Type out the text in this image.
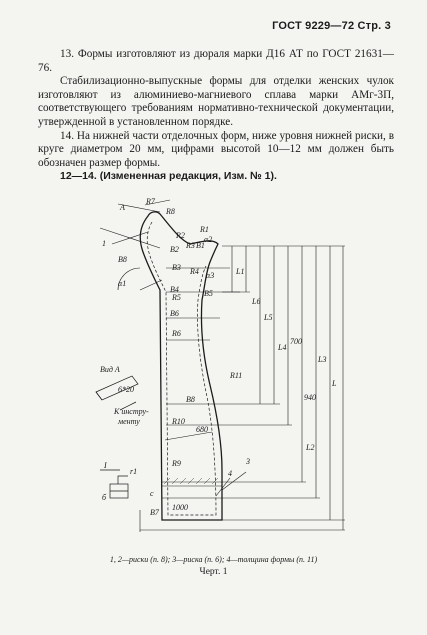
ГОСТ 9229—72 Стр. 3

13. Формы изготовляют из дюраля марки Д16 АТ по ГОСТ 21631—76.

Стабилизационно-выпускные формы для отделки женских чулок изготовляют из алюминиево-магниевого сплава марки АМг-3П, соответствующего требованиям нормативно-технической документации, утвержденной в установленном порядке.

14. На нижней части отделочных форм, ниже уровня нижней риски, в круге диаметром 20 мм, цифрами высотой 10—12 мм должен быть обозначен размер формы.

12—14. (Измененная редакция, Изм. № 1).

А
R7
R8
R1
R2
B2 R3 B1
α2
1
B8
B3 R4 α3
α1
B4
R5	B5
B6
R6
R11
B8
R10
680
R9	3
4
с
1000
B7
L1
L6
L5
L4
700
940
L3
L2
L
Вид А
6*20
К инстру-
менту
I
r1
б
1, 2—риски (п. 8); 3—риска (п. 6); 4—толщина формы (п. 11)
Черт. 1
